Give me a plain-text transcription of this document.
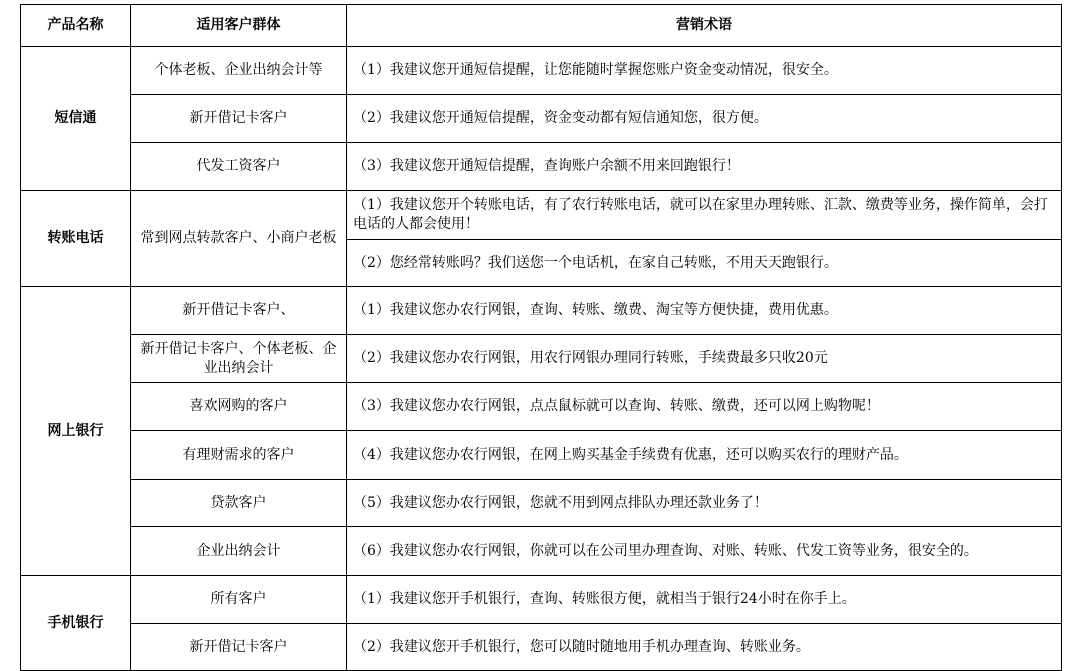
产品名称	适用客户群体	营销术语
短信通	个体老板、企业出纳会计等	（1）我建议您开通短信提醒，让您能随时掌握您账户资金变动情况，很安全。
	新开借记卡客户	（2）我建议您开通短信提醒，资金变动都有短信通知您，很方便。
	代发工资客户	（3）我建议您开通短信提醒，查询账户余额不用来回跑银行！
转账电话	常到网点转款客户、小商户老板	（1）我建议您开个转账电话，有了农行转账电话，就可以在家里办理转账、汇款、缴费等业务，操作简单，会打电话的人都会使用！
		（2）您经常转账吗？我们送您一个电话机，在家自己转账，不用天天跑银行。
网上银行	新开借记卡客户、	（1）我建议您办农行网银，查询、转账、缴费、淘宝等方便快捷，费用优惠。
	新开借记卡客户、个体老板、企业出纳会计	（2）我建议您办农行网银，用农行网银办理同行转账，手续费最多只收20元
	喜欢网购的客户	（3）我建议您办农行网银，点点鼠标就可以查询、转账、缴费，还可以网上购物呢！
	有理财需求的客户	（4）我建议您办农行网银，在网上购买基金手续费有优惠，还可以购买农行的理财产品。
	贷款客户	（5）我建议您办农行网银，您就不用到网点排队办理还款业务了！
	企业出纳会计	（6）我建议您办农行网银，你就可以在公司里办理查询、对账、转账、代发工资等业务，很安全的。
手机银行	所有客户	（1）我建议您开手机银行，查询、转账很方便，就相当于银行24小时在你手上。
	新开借记卡客户	（2）我建议您开手机银行，您可以随时随地用手机办理查询、转账业务。
